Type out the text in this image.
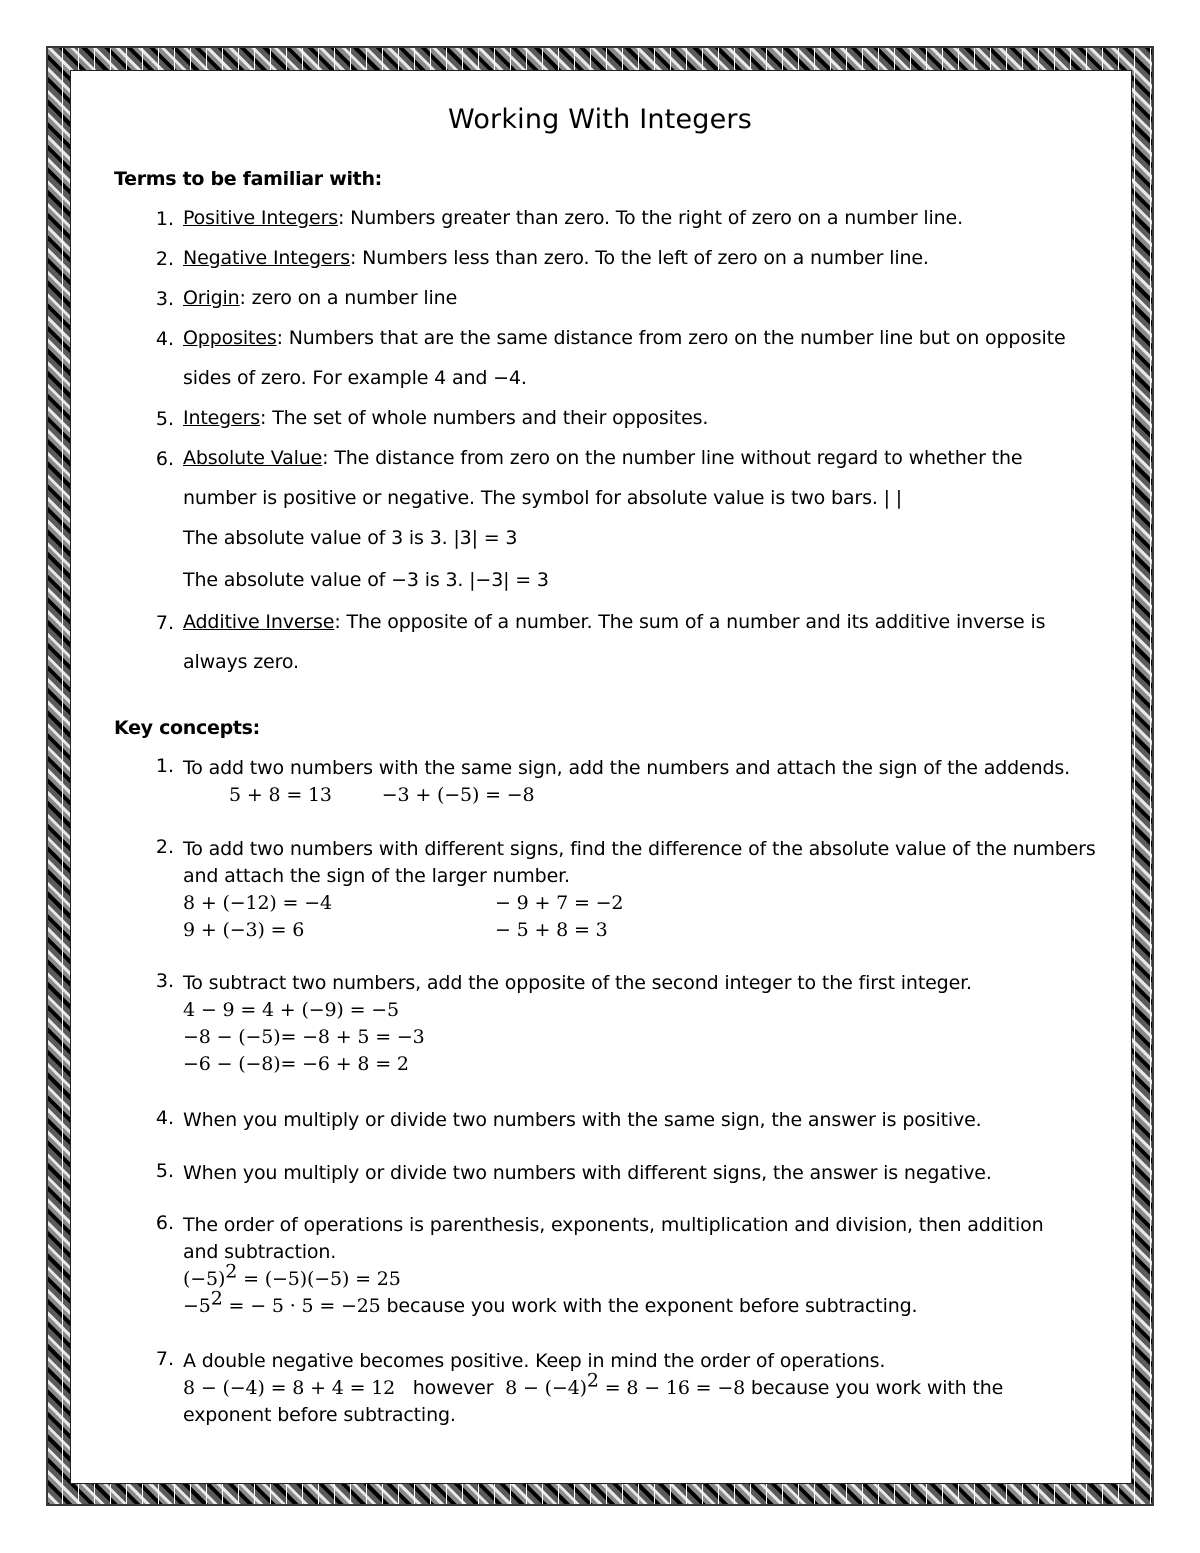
Working With Integers
Terms to be familiar with:
1. Positive Integers: Numbers greater than zero. To the right of zero on a number line.
2. Negative Integers: Numbers less than zero. To the left of zero on a number line.
3. Origin: zero on a number line
4. Opposites: Numbers that are the same distance from zero on the number line but on opposite sides of zero. For example 4 and −4.
5. Integers: The set of whole numbers and their opposites.
6. Absolute Value: The distance from zero on the number line without regard to whether the number is positive or negative. The symbol for absolute value is two bars. | |
The absolute value of 3 is 3. |3| = 3
The absolute value of −3 is 3. |−3| = 3
7. Additive Inverse: The opposite of a number. The sum of a number and its additive inverse is always zero.
Key concepts:
1. To add two numbers with the same sign, add the numbers and attach the sign of the addends. 5 + 8 = 13	−3 + (−5) = −8
2. To add two numbers with different signs, find the difference of the absolute value of the numbers and attach the sign of the larger number.
8 + (−12) = −4	− 9 + 7 = −2
9 + (−3) = 6	− 5 + 8 = 3
3. To subtract two numbers, add the opposite of the second integer to the first integer.
4 − 9 = 4 + (−9) = −5
−8 − (−5)= −8 + 5 = −3
−6 − (−8)= −6 + 8 = 2
4. When you multiply or divide two numbers with the same sign, the answer is positive.
5. When you multiply or divide two numbers with different signs, the answer is negative.
6. The order of operations is parenthesis, exponents, multiplication and division, then addition and subtraction.
$(-5)^2 = (-5)(-5) = 25$
$-5^2$ = − 5 · 5 = −25 because you work with the exponent before subtracting.
7. A double negative becomes positive. Keep in mind the order of operations.
8 − (−4) = 8 + 4 = 12   however  $8 - (-4)^2 = 8 - 16 = -8$ because you work with the exponent before subtracting.
